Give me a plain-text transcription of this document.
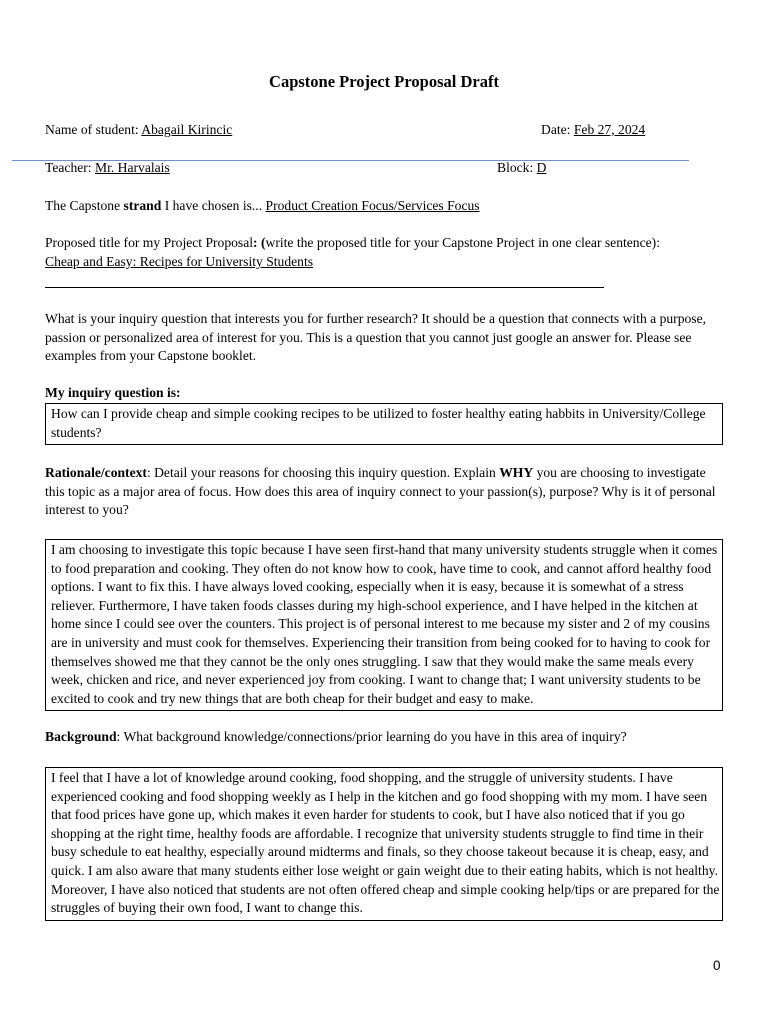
Capstone Project Proposal Draft
Name of student: Abagail Kirincic	Date: Feb 27, 2024
Teacher: Mr. Harvalais	Block: D
The Capstone strand I have chosen is... Product Creation Focus/Services Focus
Proposed title for my Project Proposal: (write the proposed title for your Capstone Project in one clear sentence):
Cheap and Easy: Recipes for University Students
What is your inquiry question that interests you for further research? It should be a question that connects with a purpose, passion or personalized area of interest for you. This is a question that you cannot just google an answer for. Please see examples from your Capstone booklet.
My inquiry question is:
How can I provide cheap and simple cooking recipes to be utilized to foster healthy eating habbits in University/College students?
Rationale/context: Detail your reasons for choosing this inquiry question. Explain WHY you are choosing to investigate this topic as a major area of focus. How does this area of inquiry connect to your passion(s), purpose? Why is it of personal interest to you?
I am choosing to investigate this topic because I have seen first-hand that many university students struggle when it comes to food preparation and cooking. They often do not know how to cook, have time to cook, and cannot afford healthy food options. I want to fix this. I have always loved cooking, especially when it is easy, because it is somewhat of a stress reliever. Furthermore, I have taken foods classes during my high-school experience, and I have helped in the kitchen at home since I could see over the counters. This project is of personal interest to me because my sister and 2 of my cousins are in university and must cook for themselves. Experiencing their transition from being cooked for to having to cook for themselves showed me that they cannot be the only ones struggling. I saw that they would make the same meals every week, chicken and rice, and never experienced joy from cooking. I want to change that; I want university students to be excited to cook and try new things that are both cheap for their budget and easy to make.
Background: What background knowledge/connections/prior learning do you have in this area of inquiry?
I feel that I have a lot of knowledge around cooking, food shopping, and the struggle of university students. I have experienced cooking and food shopping weekly as I help in the kitchen and go food shopping with my mom. I have seen that food prices have gone up, which makes it even harder for students to cook, but I have also noticed that if you go shopping at the right time, healthy foods are affordable. I recognize that university students struggle to find time in their busy schedule to eat healthy, especially around midterms and finals, so they choose takeout because it is cheap, easy, and quick. I am also aware that many students either lose weight or gain weight due to their eating habits, which is not healthy. Moreover, I have also noticed that students are not often offered cheap and simple cooking help/tips or are prepared for the struggles of buying their own food, I want to change this.
0
